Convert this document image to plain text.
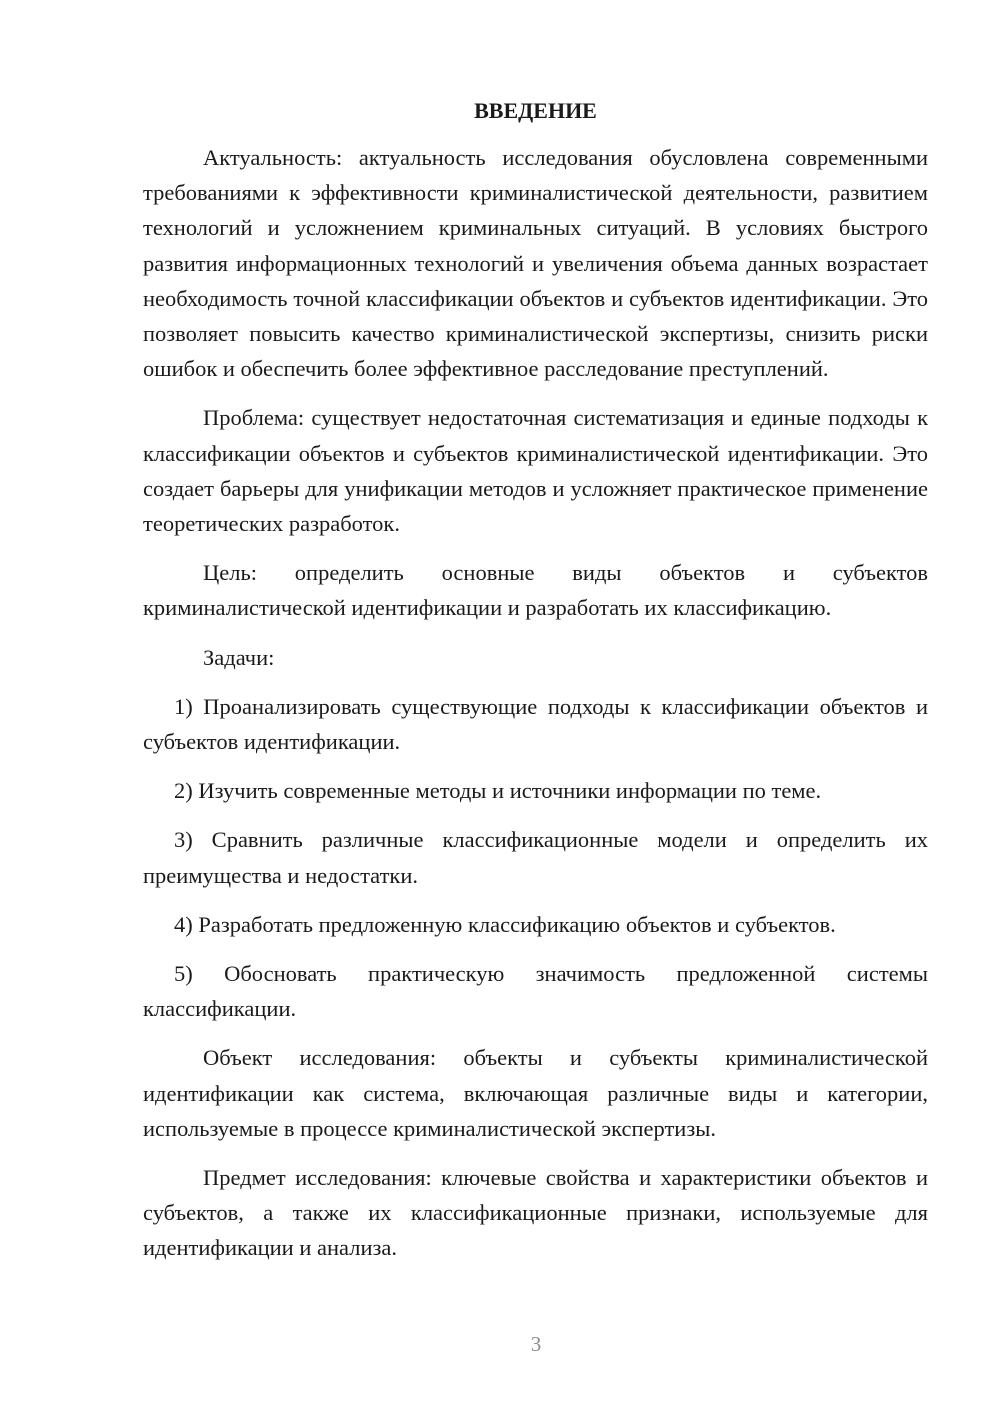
ВВЕДЕНИЕ

Актуальность: актуальность исследования обусловлена современными требованиями к эффективности криминалистической деятельности, развитием технологий и усложнением криминальных ситуаций. В условиях быстрого развития информационных технологий и увеличения объема данных возрастает необходимость точной классификации объектов и субъектов идентификации. Это позволяет повысить качество криминалистической экспертизы, снизить риски ошибок и обеспечить более эффективное расследование преступлений.

Проблема: существует недостаточная систематизация и единые подходы к классификации объектов и субъектов криминалистической идентификации. Это создает барьеры для унификации методов и усложняет практическое применение теоретических разработок.

Цель: определить основные виды объектов и субъектов криминалистической идентификации и разработать их классификацию.

Задачи:

1) Проанализировать существующие подходы к классификации объектов и субъектов идентификации.

2) Изучить современные методы и источники информации по теме.

3) Сравнить различные классификационные модели и определить их преимущества и недостатки.

4) Разработать предложенную классификацию объектов и субъектов.

5) Обосновать практическую значимость предложенной системы классификации.

Объект исследования: объекты и субъекты криминалистической идентификации как система, включающая различные виды и категории, используемые в процессе криминалистической экспертизы.

Предмет исследования: ключевые свойства и характеристики объектов и субъектов, а также их классификационные признаки, используемые для идентификации и анализа.

3
